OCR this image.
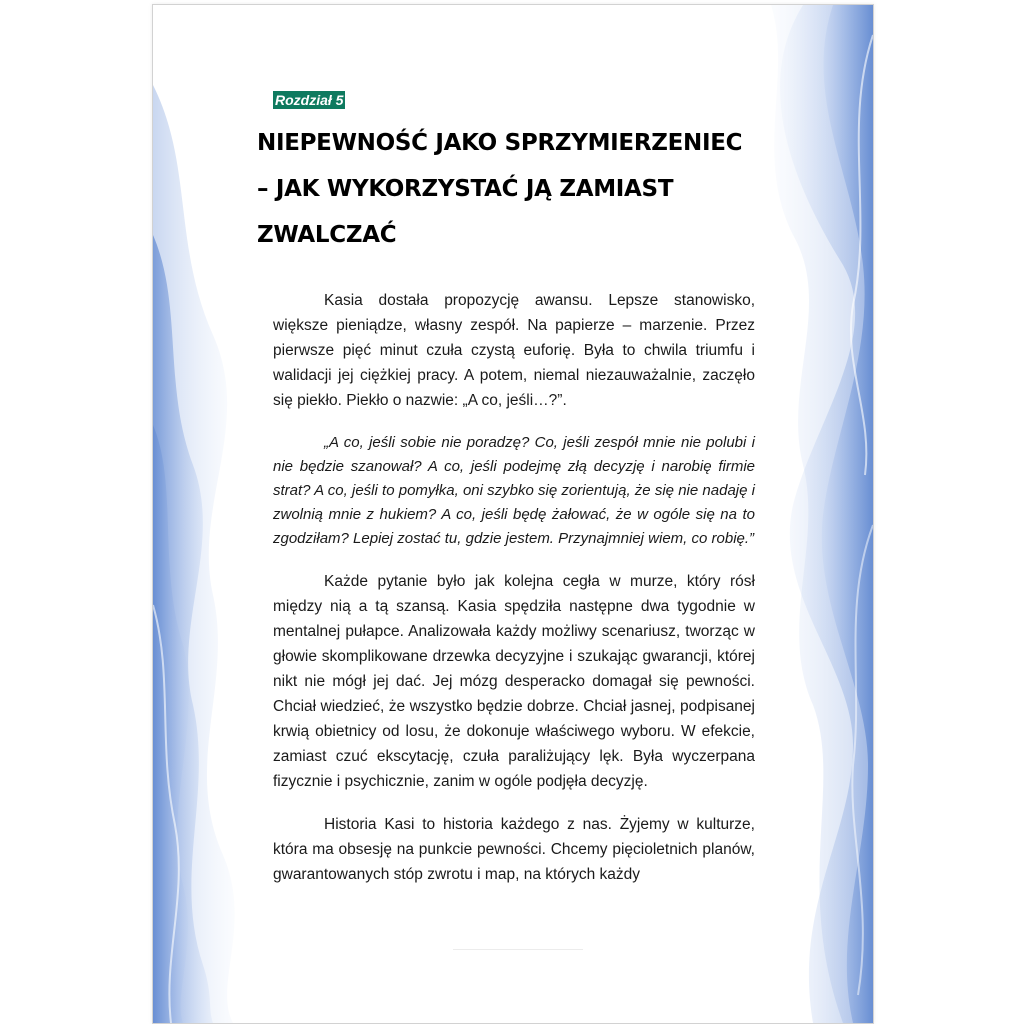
Rozdział 5
NIEPEWNOŚĆ JAKO SPRZYMIERZENIEC
– JAK WYKORZYSTAĆ JĄ ZAMIAST
ZWALCZAĆ

Kasia dostała propozycję awansu. Lepsze stanowisko, większe pieniądze, własny zespół. Na papierze – marzenie. Przez pierwsze pięć minut czuła czystą euforię. Była to chwila triumfu i walidacji jej ciężkiej pracy. A potem, niemal niezauważalnie, zaczęło się piekło. Piekło o nazwie: „A co, jeśli…?”.

„A co, jeśli sobie nie poradzę? Co, jeśli zespół mnie nie polubi i nie będzie szanował? A co, jeśli podejmę złą decyzję i narobię firmie strat? A co, jeśli to pomyłka, oni szybko się zorientują, że się nie nadaję i zwolnią mnie z hukiem? A co, jeśli będę żałować, że w ogóle się na to zgodziłam? Lepiej zostać tu, gdzie jestem. Przynajmniej wiem, co robię.”

Każde pytanie było jak kolejna cegła w murze, który rósł między nią a tą szansą. Kasia spędziła następne dwa tygodnie w mentalnej pułapce. Analizowała każdy możliwy scenariusz, tworząc w głowie skomplikowane drzewka decyzyjne i szukając gwarancji, której nikt nie mógł jej dać. Jej mózg desperacko domagał się pewności. Chciał wiedzieć, że wszystko będzie dobrze. Chciał jasnej, podpisanej krwią obietnicy od losu, że dokonuje właściwego wyboru. W efekcie, zamiast czuć ekscytację, czuła paraliżujący lęk. Była wyczerpana fizycznie i psychicznie, zanim w ogóle podjęła decyzję.

Historia Kasi to historia każdego z nas. Żyjemy w kulturze, która ma obsesję na punkcie pewności. Chcemy pięcioletnich planów, gwarantowanych stóp zwrotu i map, na których każdy
